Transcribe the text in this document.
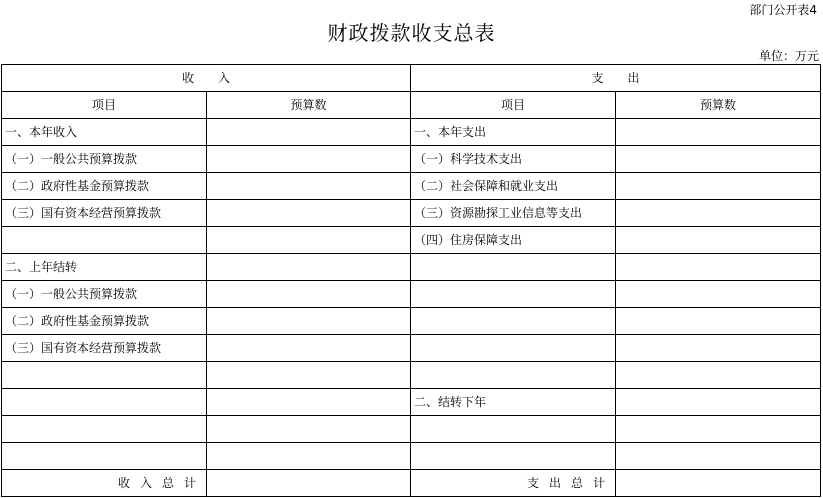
部门公开表4
财政拨款收支总表
单位：万元
收　　入		支　　出	
项目	预算数	项目	预算数
一、本年收入		一、本年支出	
（一）一般公共预算拨款		（一）科学技术支出	
（二）政府性基金预算拨款		（二）社会保障和就业支出	
（三）国有资本经营预算拨款		（三）资源勘探工业信息等支出	
		（四）住房保障支出	
二、上年结转			
（一）一般公共预算拨款			
（二）政府性基金预算拨款			
（三）国有资本经营预算拨款			

		二、结转下年	

收入总计		支出总计	
